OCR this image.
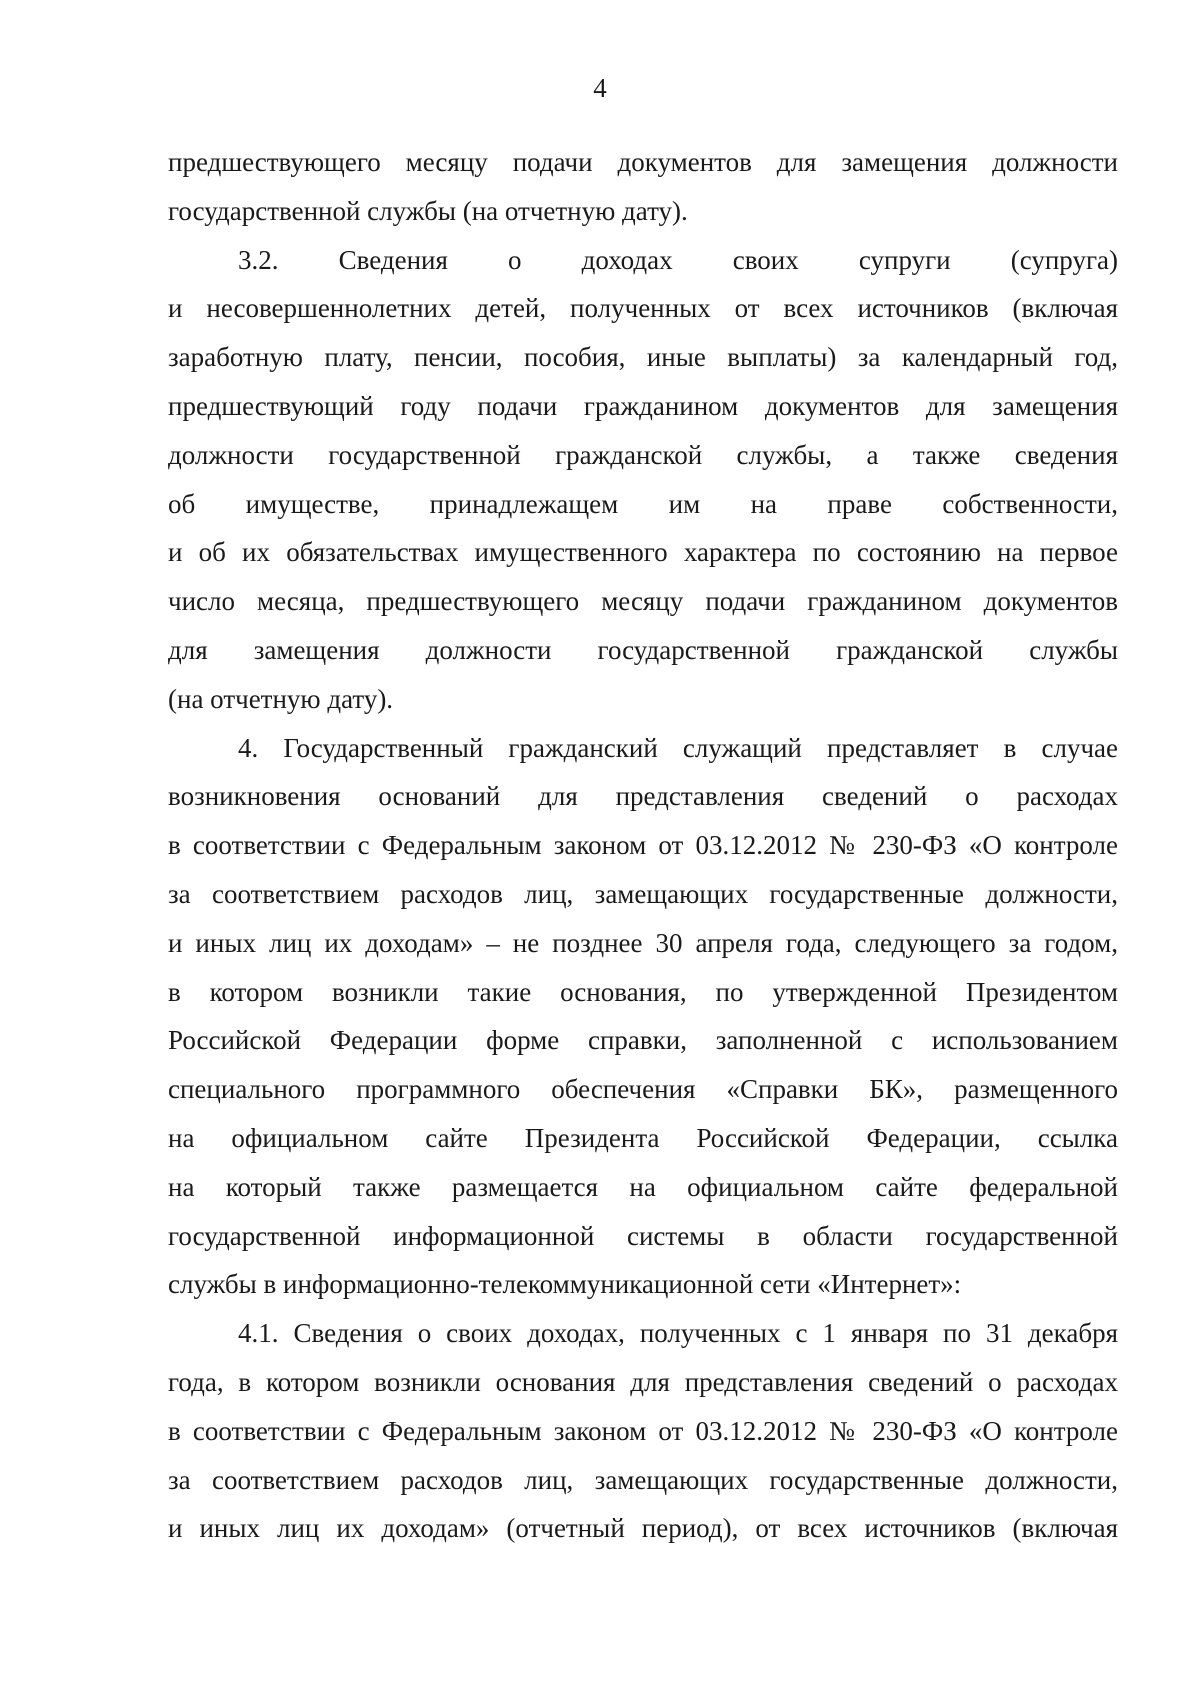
4
предшествующего месяцу подачи документов для замещения должности
государственной службы (на отчетную дату).
3.2. Сведения о доходах своих супруги (супруга)
и несовершеннолетних детей, полученных от всех источников (включая
заработную плату, пенсии, пособия, иные выплаты) за календарный год,
предшествующий году подачи гражданином документов для замещения
должности государственной гражданской службы, а также сведения
об имуществе, принадлежащем им на праве собственности,
и об их обязательствах имущественного характера по состоянию на первое
число месяца, предшествующего месяцу подачи гражданином документов
для замещения должности государственной гражданской службы
(на отчетную дату).
4. Государственный гражданский служащий представляет в случае
возникновения оснований для представления сведений о расходах
в соответствии с Федеральным законом от 03.12.2012 № 230-ФЗ «О контроле
за соответствием расходов лиц, замещающих государственные должности,
и иных лиц их доходам» – не позднее 30 апреля года, следующего за годом,
в котором возникли такие основания, по утвержденной Президентом
Российской Федерации форме справки, заполненной с использованием
специального программного обеспечения «Справки БК», размещенного
на официальном сайте Президента Российской Федерации, ссылка
на который также размещается на официальном сайте федеральной
государственной информационной системы в области государственной
службы в информационно-телекоммуникационной сети «Интернет»:
4.1. Сведения о своих доходах, полученных с 1 января по 31 декабря
года, в котором возникли основания для представления сведений о расходах
в соответствии с Федеральным законом от 03.12.2012 № 230-ФЗ «О контроле
за соответствием расходов лиц, замещающих государственные должности,
и иных лиц их доходам» (отчетный период), от всех источников (включая
